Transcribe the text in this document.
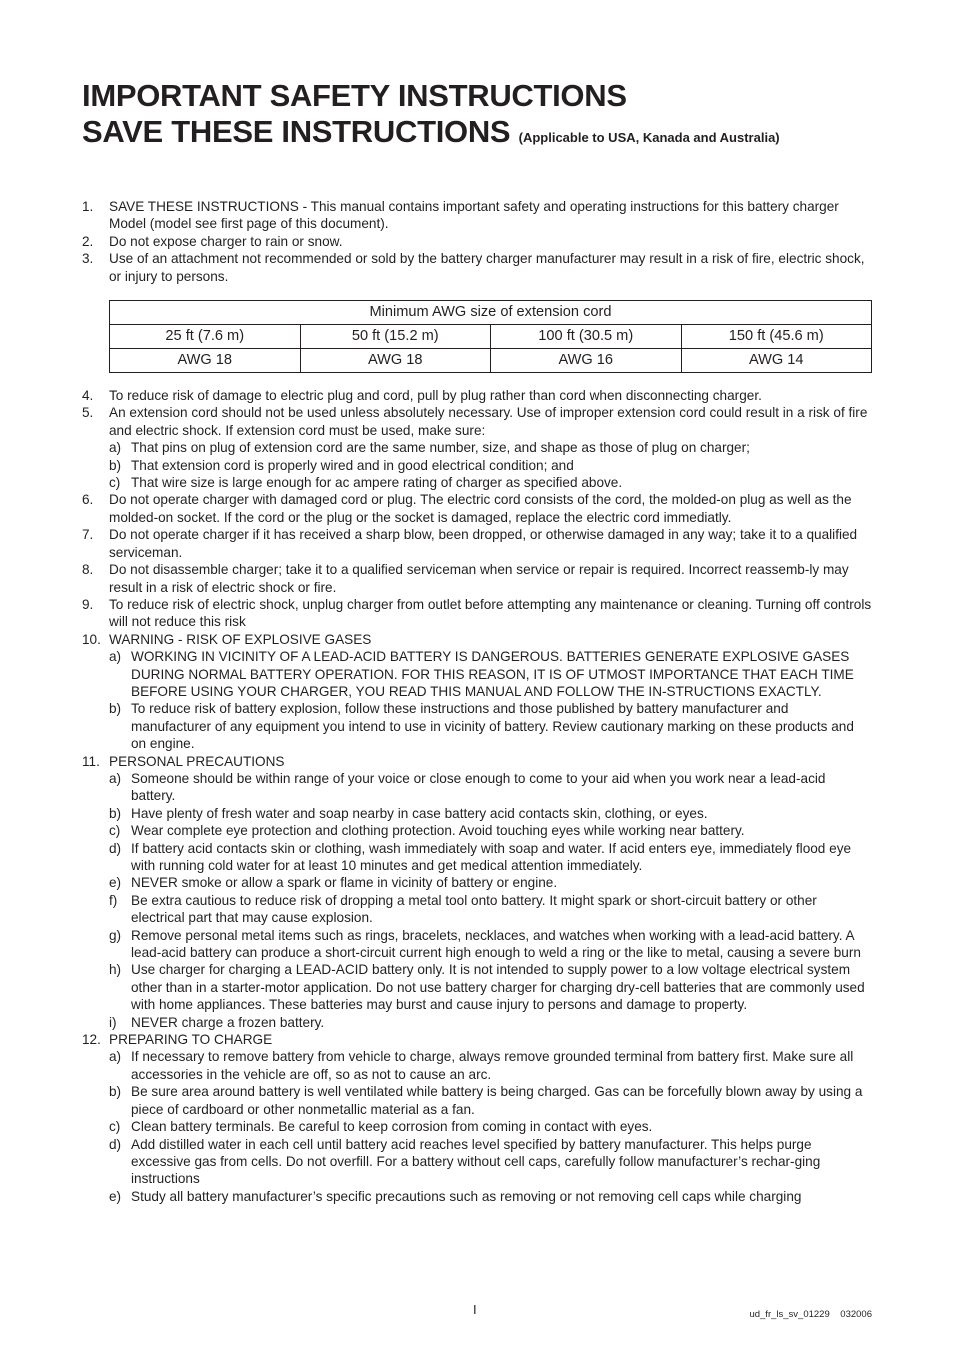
IMPORTANT SAFETY INSTRUCTIONS
SAVE THESE INSTRUCTIONS (Applicable to USA, Kanada and Australia)
1. SAVE THESE INSTRUCTIONS - This manual contains important safety and operating instructions for this battery charger Model (model see first page of this document).
2. Do not expose charger to rain or snow.
3. Use of an attachment not recommended or sold by the battery charger manufacturer may result in a risk of fire, electric shock, or injury to persons.
Minimum AWG size of extension cord			
25 ft (7.6 m)	50 ft (15.2 m)	100 ft (30.5 m)	150 ft (45.6 m)
AWG 18	AWG 18	AWG 16	AWG 14
4. To reduce risk of damage to electric plug and cord, pull by plug rather than cord when disconnecting charger.
5. An extension cord should not be used unless absolutely necessary. Use of improper extension cord could result in a risk of fire and electric shock. If extension cord must be used, make sure:
a) That pins on plug of extension cord are the same number, size, and shape as those of plug on charger;
b) That extension cord is properly wired and in good electrical condition; and
c) That wire size is large enough for ac ampere rating of charger as specified above.
6. Do not operate charger with damaged cord or plug. The electric cord consists of the cord, the molded-on plug as well as the molded-on socket. If the cord or the plug or the socket is damaged, replace the electric cord immediatly.
7. Do not operate charger if it has received a sharp blow, been dropped, or otherwise damaged in any way; take it to a qualified serviceman.
8. Do not disassemble charger; take it to a qualified serviceman when service or repair is required. Incorrect reassemb-ly may result in a risk of electric shock or fire.
9. To reduce risk of electric shock, unplug charger from outlet before attempting any maintenance or cleaning. Turning off controls will not reduce this risk
10. WARNING - RISK OF EXPLOSIVE GASES
a) WORKING IN VICINITY OF A LEAD-ACID BATTERY IS DANGEROUS. BATTERIES GENERATE EXPLOSIVE GASES DURING NORMAL BATTERY OPERATION. FOR THIS REASON, IT IS OF UTMOST IMPORTANCE THAT EACH TIME BEFORE USING YOUR CHARGER, YOU READ THIS MANUAL AND FOLLOW THE IN-STRUCTIONS EXACTLY.
b) To reduce risk of battery explosion, follow these instructions and those published by battery manufacturer and manufacturer of any equipment you intend to use in vicinity of battery. Review cautionary marking on these products and on engine.
11. PERSONAL PRECAUTIONS
a) Someone should be within range of your voice or close enough to come to your aid when you work near a lead-acid battery.
b) Have plenty of fresh water and soap nearby in case battery acid contacts skin, clothing, or eyes.
c) Wear complete eye protection and clothing protection. Avoid touching eyes while working near battery.
d) If battery acid contacts skin or clothing, wash immediately with soap and water. If acid enters eye, immediately flood eye with running cold water for at least 10 minutes and get medical attention immediately.
e) NEVER smoke or allow a spark or flame in vicinity of battery or engine.
f) Be extra cautious to reduce risk of dropping a metal tool onto battery. It might spark or short-circuit battery or other electrical part that may cause explosion.
g) Remove personal metal items such as rings, bracelets, necklaces, and watches when working with a lead-acid battery. A lead-acid battery can produce a short-circuit current high enough to weld a ring or the like to metal, causing a severe burn
h) Use charger for charging a LEAD-ACID battery only. It is not intended to supply power to a low voltage electrical system other than in a starter-motor application. Do not use battery charger for charging dry-cell batteries that are commonly used with home appliances. These batteries may burst and cause injury to persons and damage to property.
i) NEVER charge a frozen battery.
12. PREPARING TO CHARGE
a) If necessary to remove battery from vehicle to charge, always remove grounded terminal from battery first. Make sure all accessories in the vehicle are off, so as not to cause an arc.
b) Be sure area around battery is well ventilated while battery is being charged. Gas can be forcefully blown away by using a piece of cardboard or other nonmetallic material as a fan.
c) Clean battery terminals. Be careful to keep corrosion from coming in contact with eyes.
d) Add distilled water in each cell until battery acid reaches level specified by battery manufacturer. This helps purge excessive gas from cells. Do not overfill. For a battery without cell caps, carefully follow manufacturer’s rechar-ging instructions
e) Study all battery manufacturer’s specific precautions such as removing or not removing cell caps while charging
I	ud_fr_ls_sv_01229    032006
